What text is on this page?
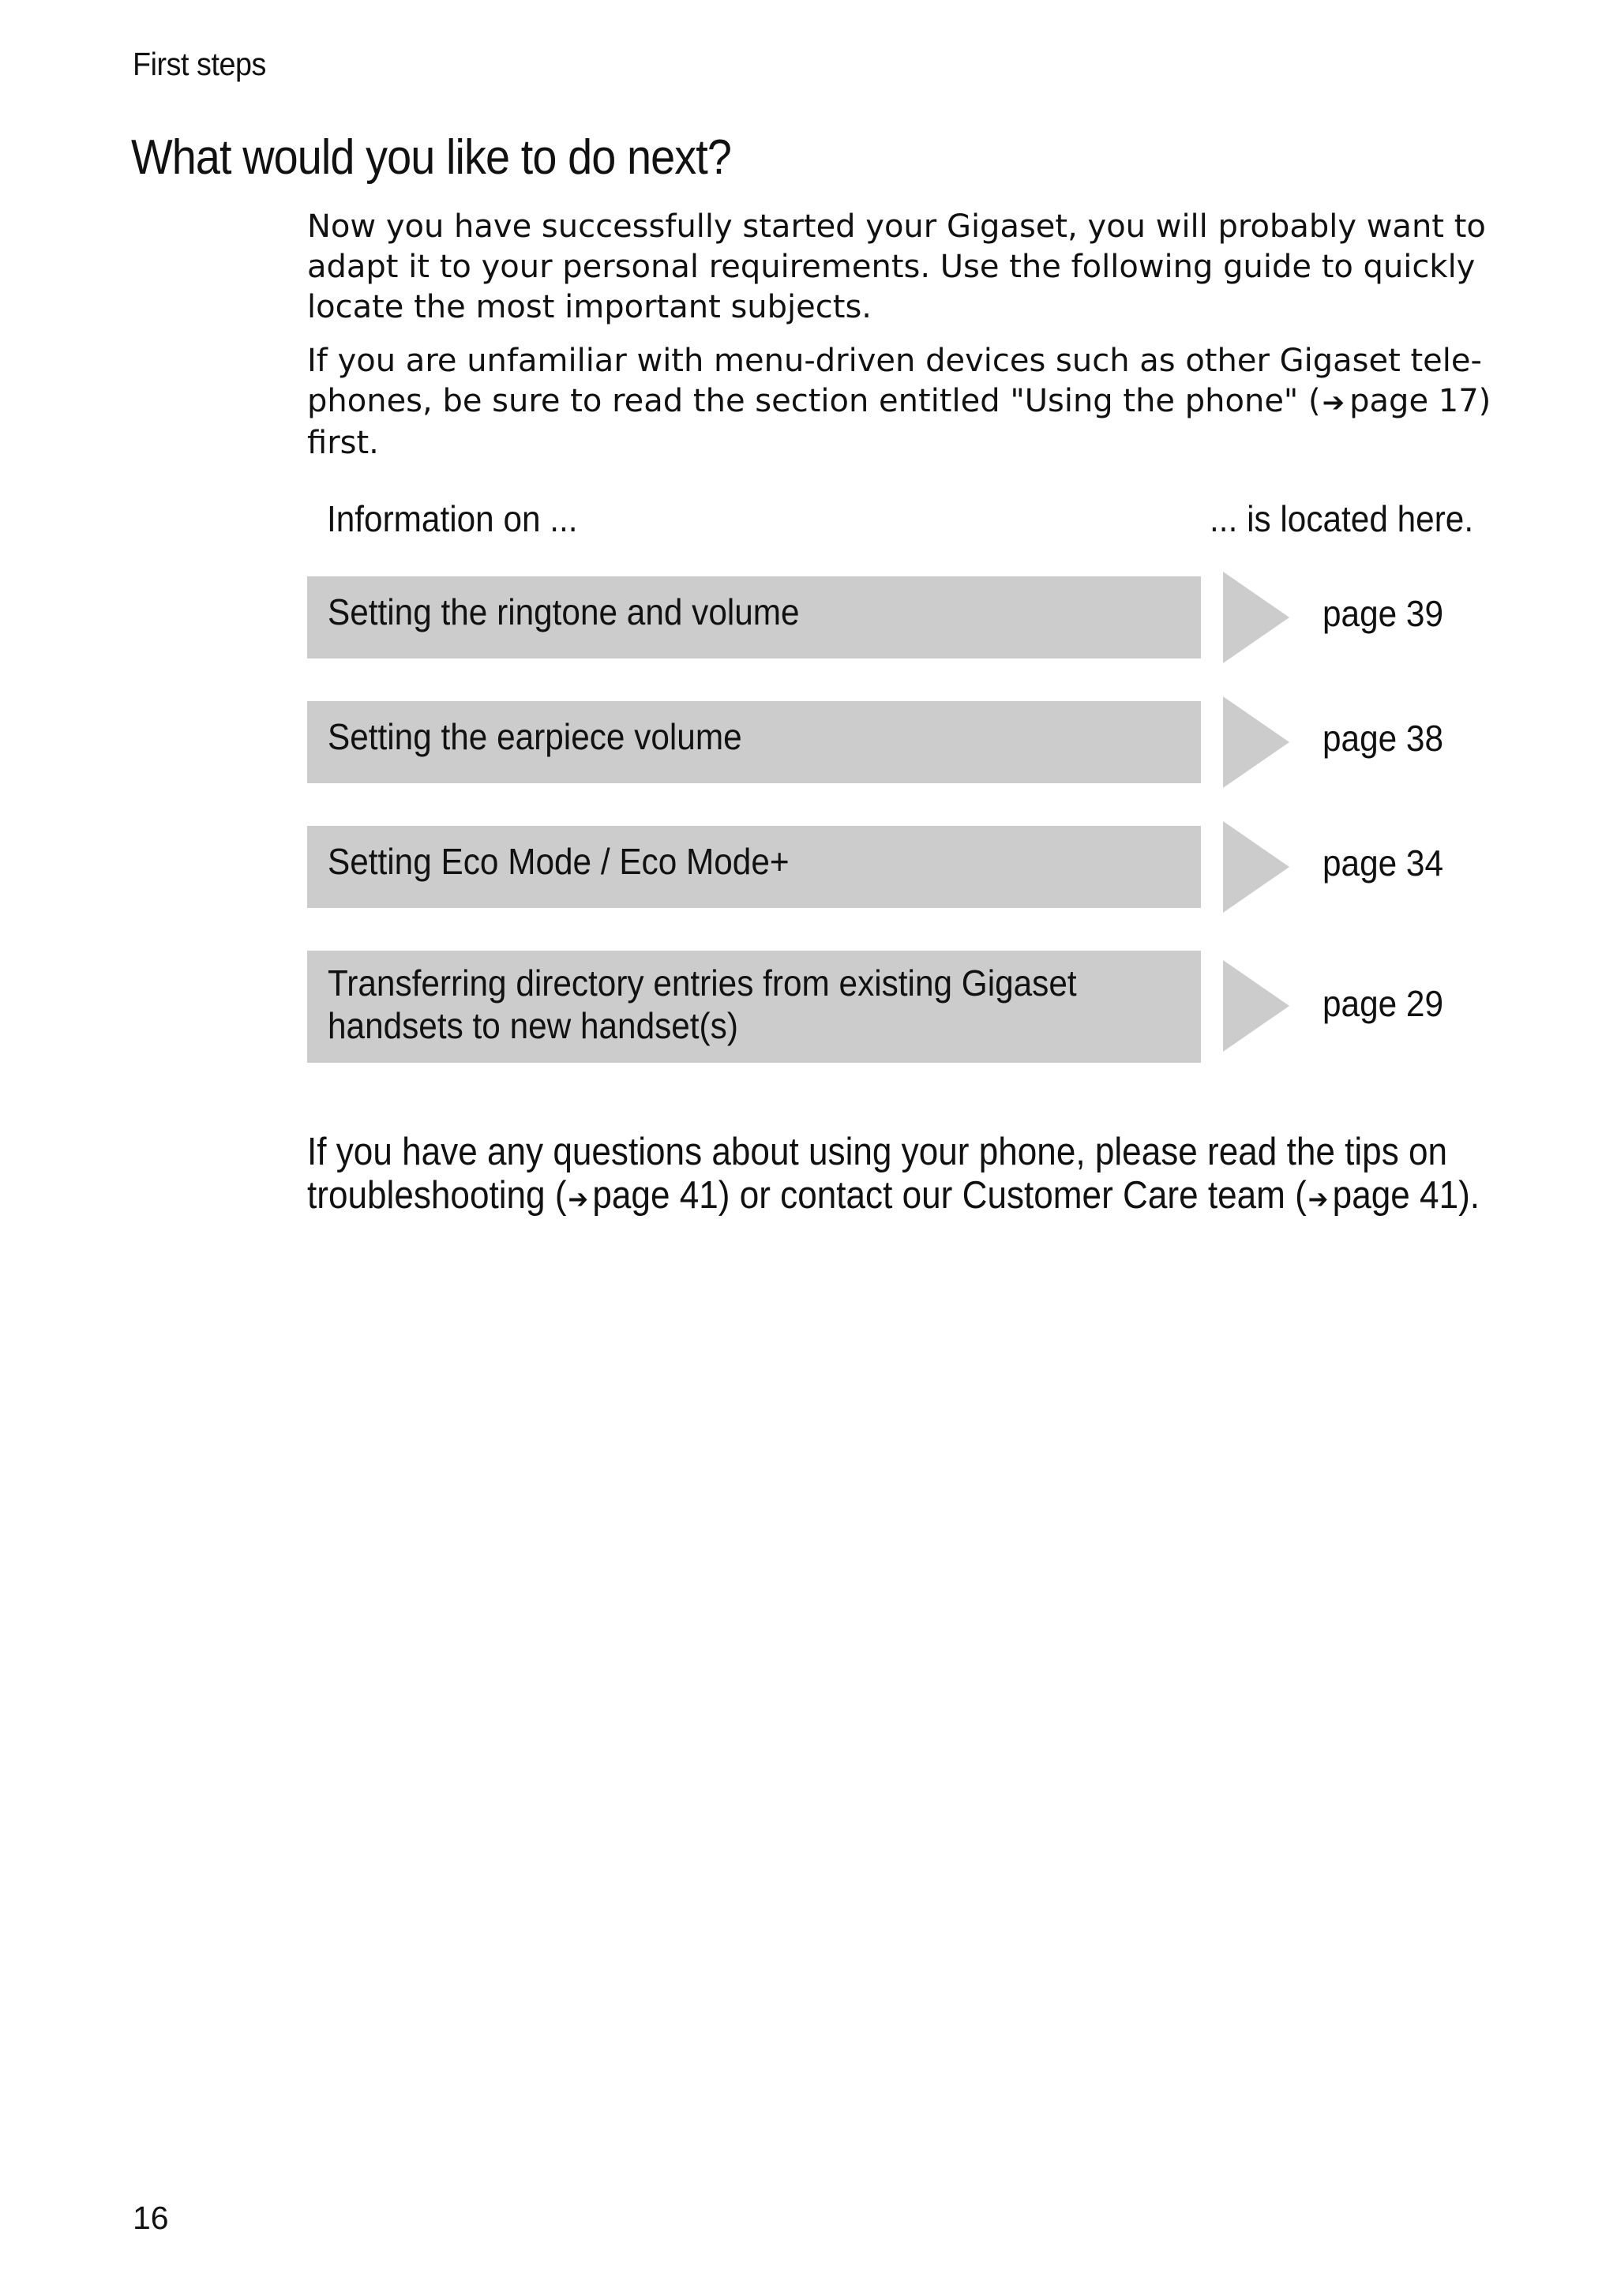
First steps
What would you like to do next?

Now you have successfully started your Gigaset, you will probably want to adapt it to your personal requirements. Use the following guide to quickly locate the most important subjects.

If you are unfamiliar with menu-driven devices such as other Gigaset tele-
phones, be sure to read the section entitled "Using the phone" (➔ page 17)
first.

Information on ...	... is located here.
Setting the ringtone and volume	page 39
Setting the earpiece volume	page 38
Setting Eco Mode / Eco Mode+	page 34
Transferring directory entries from existing Gigaset
handsets to new handset(s)
page 29

If you have any questions about using your phone, please read the tips on
troubleshooting (➔ page 41) or contact our Customer Care team (➔ page 41).

16
